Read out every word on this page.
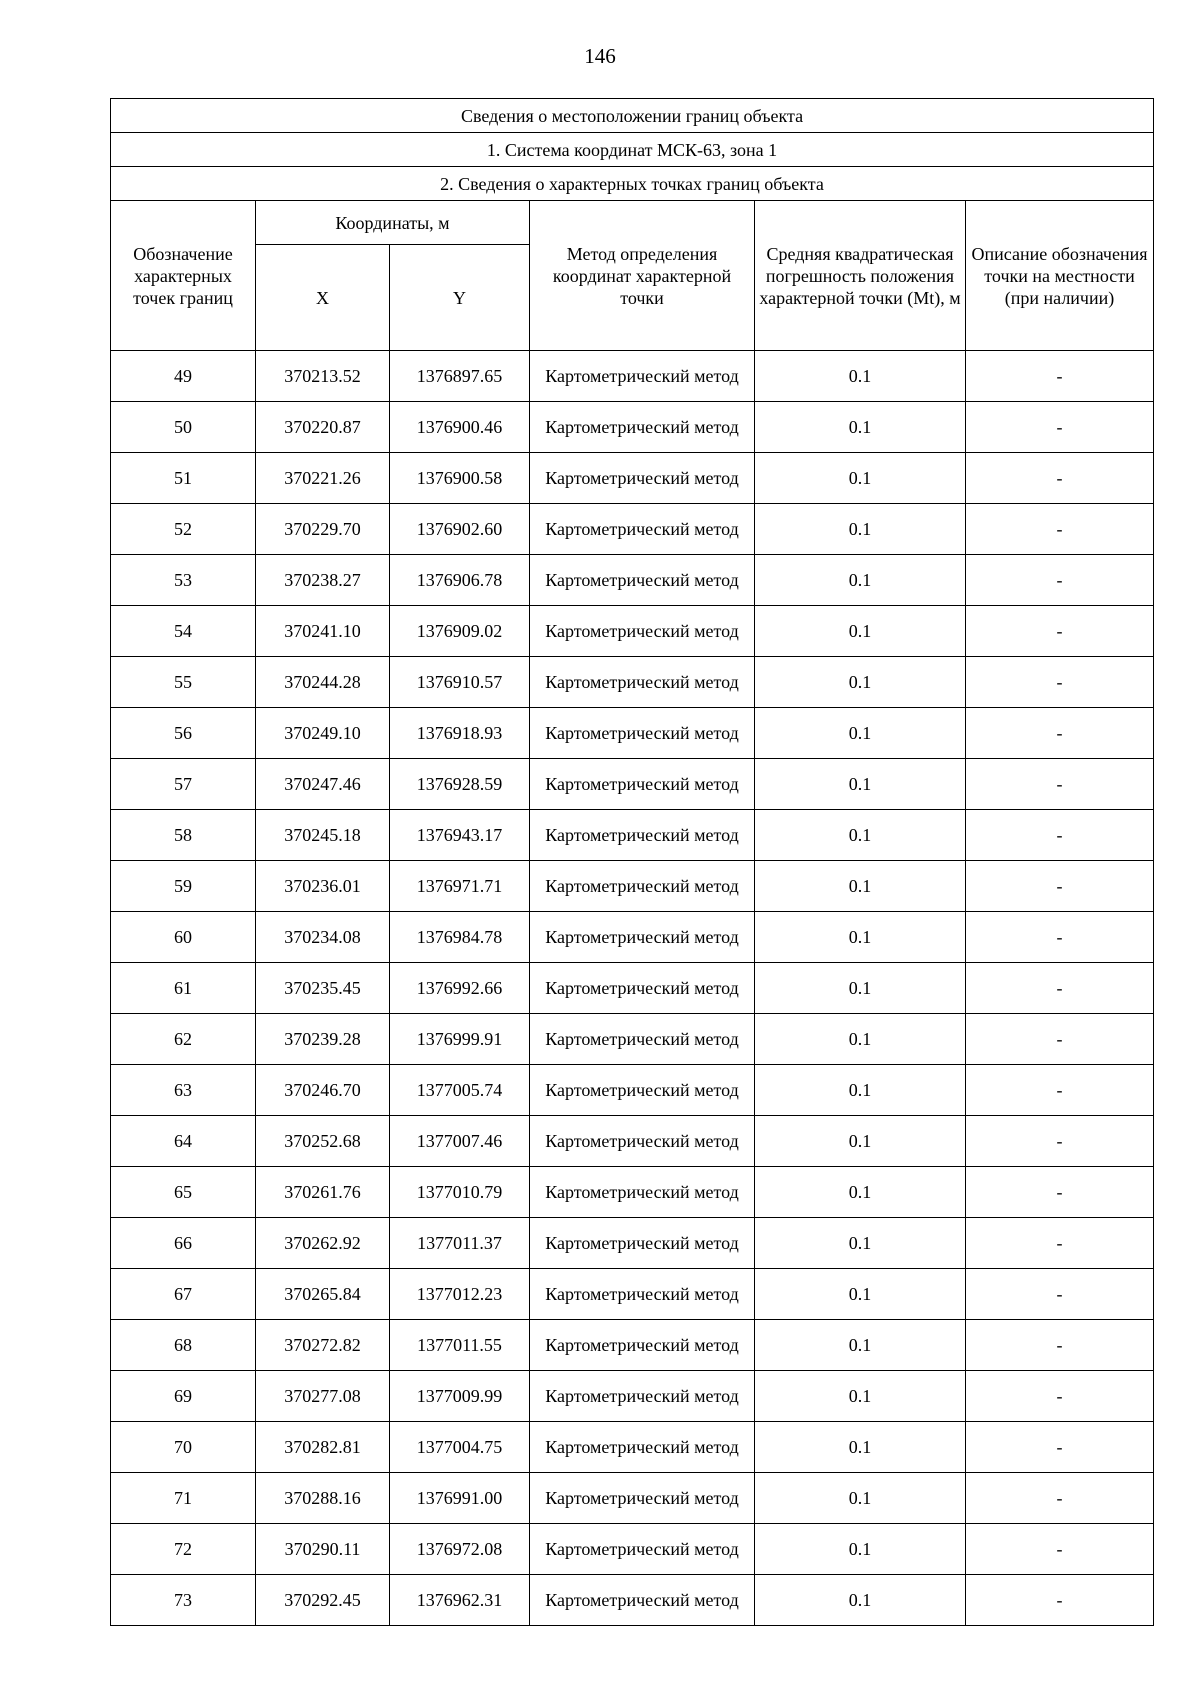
146
Сведения о местоположении границ объекта					
1. Система координат МСК-63, зона 1					
2. Сведения о характерных точках границ объекта					
Обозначение характерных точек границ	Координаты, м		Метод определения координат характерной точки	Средняя квадратическая погрешность положения характерной точки (Mt), м	Описание обозначения точки на местности (при наличии)
	X	Y			
49	370213.52	1376897.65	Картометрический метод	0.1	-
50	370220.87	1376900.46	Картометрический метод	0.1	-
51	370221.26	1376900.58	Картометрический метод	0.1	-
52	370229.70	1376902.60	Картометрический метод	0.1	-
53	370238.27	1376906.78	Картометрический метод	0.1	-
54	370241.10	1376909.02	Картометрический метод	0.1	-
55	370244.28	1376910.57	Картометрический метод	0.1	-
56	370249.10	1376918.93	Картометрический метод	0.1	-
57	370247.46	1376928.59	Картометрический метод	0.1	-
58	370245.18	1376943.17	Картометрический метод	0.1	-
59	370236.01	1376971.71	Картометрический метод	0.1	-
60	370234.08	1376984.78	Картометрический метод	0.1	-
61	370235.45	1376992.66	Картометрический метод	0.1	-
62	370239.28	1376999.91	Картометрический метод	0.1	-
63	370246.70	1377005.74	Картометрический метод	0.1	-
64	370252.68	1377007.46	Картометрический метод	0.1	-
65	370261.76	1377010.79	Картометрический метод	0.1	-
66	370262.92	1377011.37	Картометрический метод	0.1	-
67	370265.84	1377012.23	Картометрический метод	0.1	-
68	370272.82	1377011.55	Картометрический метод	0.1	-
69	370277.08	1377009.99	Картометрический метод	0.1	-
70	370282.81	1377004.75	Картометрический метод	0.1	-
71	370288.16	1376991.00	Картометрический метод	0.1	-
72	370290.11	1376972.08	Картометрический метод	0.1	-
73	370292.45	1376962.31	Картометрический метод	0.1	-
